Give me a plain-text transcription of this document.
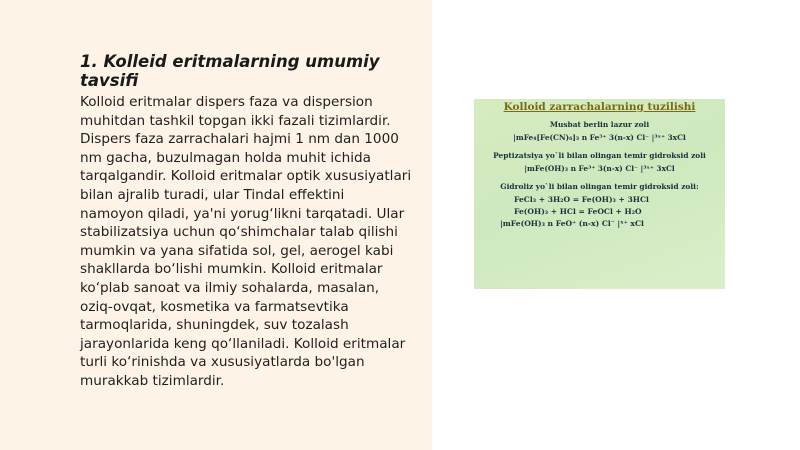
1. Kolleid eritmalarning umumiy tavsifi

Kolloid eritmalar dispers faza va dispersion muhitdan tashkil topgan ikki fazali tizimlardir. Dispers faza zarrachalari hajmi 1 nm dan 1000 nm gacha, buzulmagan holda muhit ichida tarqalgandir. Kolloid eritmalar optik xususiyatlari bilan ajralib turadi, ular Tindal effektini namoyon qiladi, ya'ni yorug‘likni tarqatadi. Ular stabilizatsiya uchun qo‘shimchalar talab qilishi mumkin va yana sifatida sol, gel, aerogel kabi shakllarda bo‘lishi mumkin. Kolloid eritmalar ko‘plab sanoat va ilmiy sohalarda, masalan, oziq-ovqat, kosmetika va farmatsevtika tarmoqlarida, shuningdek, suv tozalash jarayonlarida keng qo‘llaniladi. Kolloid eritmalar turli ko‘rinishda va xususiyatlarda bo'lgan murakkab tizimlardir.

Kolloid zarrachalarning tuzilishi
Musbat berlin lazur zoli
|mFe₄[Fe(CN)₆]₃ n Fe³⁺ 3(n-x) Cl⁻ |³ˣ⁺ 3xCl
Peptizatsiya yo`li bilan olingan temir gidroksid zoli
|mFe(OH)₃ n Fe³⁺ 3(n-x) Cl⁻ |³ˣ⁺ 3xCl
Gidroliz yo`li bilan olingan temir gidroksid zoli:
FeCl₃ + 3H₂O = Fe(OH)₃ + 3HCl
Fe(OH)₃ + HCl = FeOCl + H₂O
|mFe(OH)₃ n FeO⁺ (n-x) Cl⁻ |ˣ⁺ xCl
